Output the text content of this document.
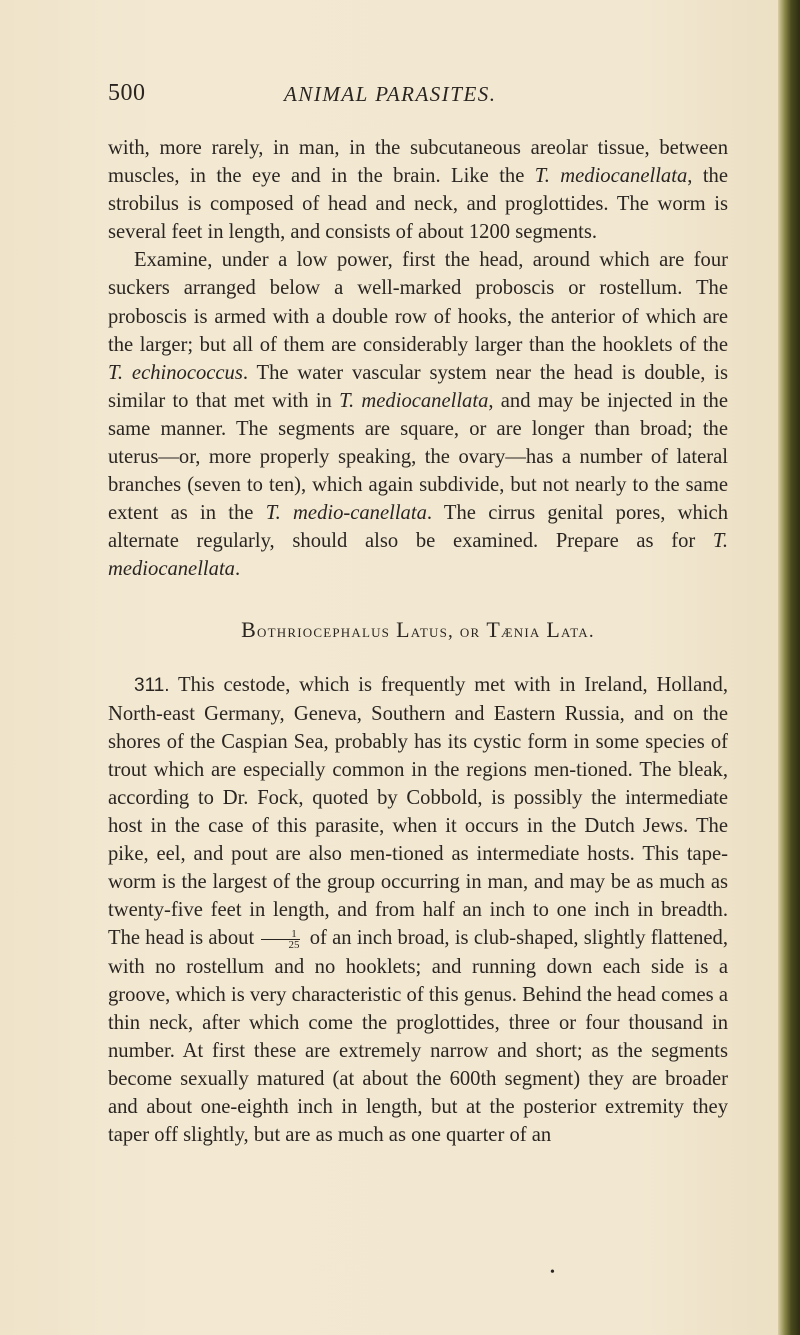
500	ANIMAL PARASITES.

with, more rarely, in man, in the subcutaneous areolar tissue, between muscles, in the eye and in the brain. Like the T. mediocanellata, the strobilus is composed of head and neck, and proglottides. The worm is several feet in length, and consists of about 1200 segments.

Examine, under a low power, first the head, around which are four suckers arranged below a well-marked proboscis or rostellum. The proboscis is armed with a double row of hooks, the anterior of which are the larger; but all of them are considerably larger than the hooklets of the T. echinococcus. The water vascular system near the head is double, is similar to that met with in T. mediocanellata, and may be injected in the same manner. The segments are square, or are longer than broad; the uterus—or, more properly speaking, the ovary—has a number of lateral branches (seven to ten), which again subdivide, but not nearly to the same extent as in the T. medio-canellata. The cirrus genital pores, which alternate regularly, should also be examined. Prepare as for T. mediocanellata.

Bothriocephalus Latus, or Tænia Lata.

311. This cestode, which is frequently met with in Ireland, Holland, North-east Germany, Geneva, Southern and Eastern Russia, and on the shores of the Caspian Sea, probably has its cystic form in some species of trout which are especially common in the regions men-tioned. The bleak, according to Dr. Fock, quoted by Cobbold, is possibly the intermediate host in the case of this parasite, when it occurs in the Dutch Jews. The pike, eel, and pout are also men-tioned as intermediate hosts. This tape-worm is the largest of the group occurring in man, and may be as much as twenty-five feet in length, and from half an inch to one inch in breadth. The head is about $\frac{1}{25}$ of an inch broad, is club-shaped, slightly flattened, with no rostellum and no hooklets; and running down each side is a groove, which is very characteristic of this genus. Behind the head comes a thin neck, after which come the proglottides, three or four thousand in number. At first these are extremely narrow and short; as the segments become sexually matured (at about the 600th segment) they are broader and about one-eighth inch in length, but at the posterior extremity they taper off slightly, but are as much as one quarter of an

•
